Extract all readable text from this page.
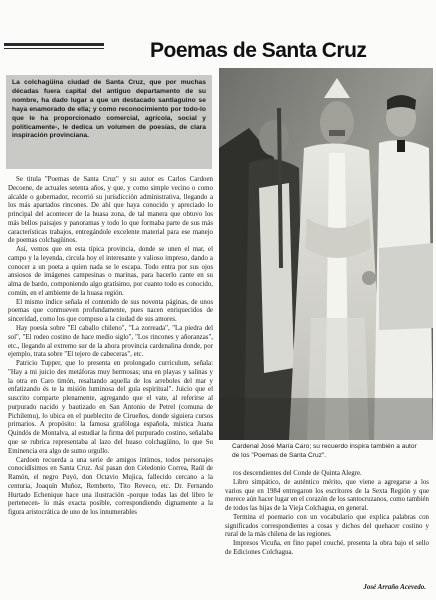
Poemas de Santa Cruz
La colchagüina ciudad de Santa Cruz, que por muchas décadas fuera capital del antiguo departamento de su nombre, ha dado lugar a que un destacado santiaguino se haya enamorado de ella; y como reconocimiento por todo-lo que le ha proporcionado comercial, agrícola, social y politicamente-, le dedica un volumen de poesías, de clara inspiración provinciana.

Se titula "Poemas de Santa Cruz" y su autor es Carlos Cardoen Decoene, de actuales setenta años, y que, y como simple vecino o como alcalde o gobernador, recorrió su jurisdicción administrativa, llegando a los más apartados rincones. De ahí que haya conocido y apreciado lo principal del acontecer de la huasa zona, de tal manera que obtuvo los más bellos paisajes y panoramas y todo lo que formaba parte de sus más características trabajos, entregándole excelente material para ese manejo de poemas colchagüinos.

Así, vemos que en esta típica provincia, donde se unen el mar, el campo y la leyenda, circula hoy el interesante y valioso impreso, dando a conocer a un poeta a quien nada se le escapa. Todo entra por sus ojos ansiosos de imágenes campesinas o marinas, para hacerlo cante en su alma de bardo, componiendo algo gratísimo, por cuanto todo es conocido, común, en el ambiente de la huasa región.

El mismo índice señala el contenido de sus noventa páginas, de unos poemas que conmueven profundamente, pues nacen enriquecidos de sinceridad, como los que compuso a la ciudad de sus amores.

Hay poesía sobre "El caballo chileno", "La zorreada", "La piedra del sol", "El rodeo costino de hace medio siglo", "Los rincones y añoranzas", etc., llegando al extremo sur de la ahora provincia cardenalina donde, por ejemplo, trata sobre "El tejero de cabeceras", etc.

Patricio Tupper, que lo presenta en prolongado curriculum, señala: "Hay a mi juicio des metáforas muy hermosas; una en playas y salinas y la otra en Caro timón, resaltando aquella de los arreboles del mar y enfatizando és te la misión luminosa del guía espiritual". Juicio que el suscrito comparte plenamente, agregando que el vate, al referirse al purpurado nacido y bautizado en San Antonio de Petrel (comuna de Pichilemu), lo ubica en el pueblecito de Cirueños, donde siguiera cursos primarios. A propósito: la famosa grafóloga española, mística Juana Quindós de Montalva, al estudiar la firma del purpurado costino, señalaba que se rubrica representaba al lazo del huaso colchagüino, lo que Su Eminencia era algo de sumo orgullo.

Cardoen recuerda a una serie de amigos íntimos, todos personajes conocidísimos en Santa Cruz. Así pasan don Celedonio Correa, Raúl de Ramón, el negro Puyó, don Octavio Mujica, fallecido cercano a la centuria, Joaquín Muñoz, Remberto, Tito Reveco, etc. Dr. Fernando Hurtado Echenique hace una ilustración -porque todas las del libro le pertenecen- lo más exacta posible, correspondiendo dignamente a la figura aristocrática de uno de los innumerables

Cardenal José María Caro; su recuerdo inspira también a autor de los "Poemas de Santa Cruz".

ros descendientes del Conde de Quinta Alegre.

Libro simpático, de auténtico mérito, que viene a agregarse a los varios que en 1984 entregaron los escritores de la Sexta Región y que merece aún hacer lugar en el corazón de los santocruzanos, como también de todos las hijas de la Vieja Colchagua, en general.

Termina el poemario con un vocabulario que explica palabras con significados correspondientes a cosas y dichos del quehacer costino y rural de la más chilena de las regiones.

Impresos Vicuña, en fino papel couché, presenta la obra bajo el sello de Ediciones Colchagua.

José Arraño Acevedo.
